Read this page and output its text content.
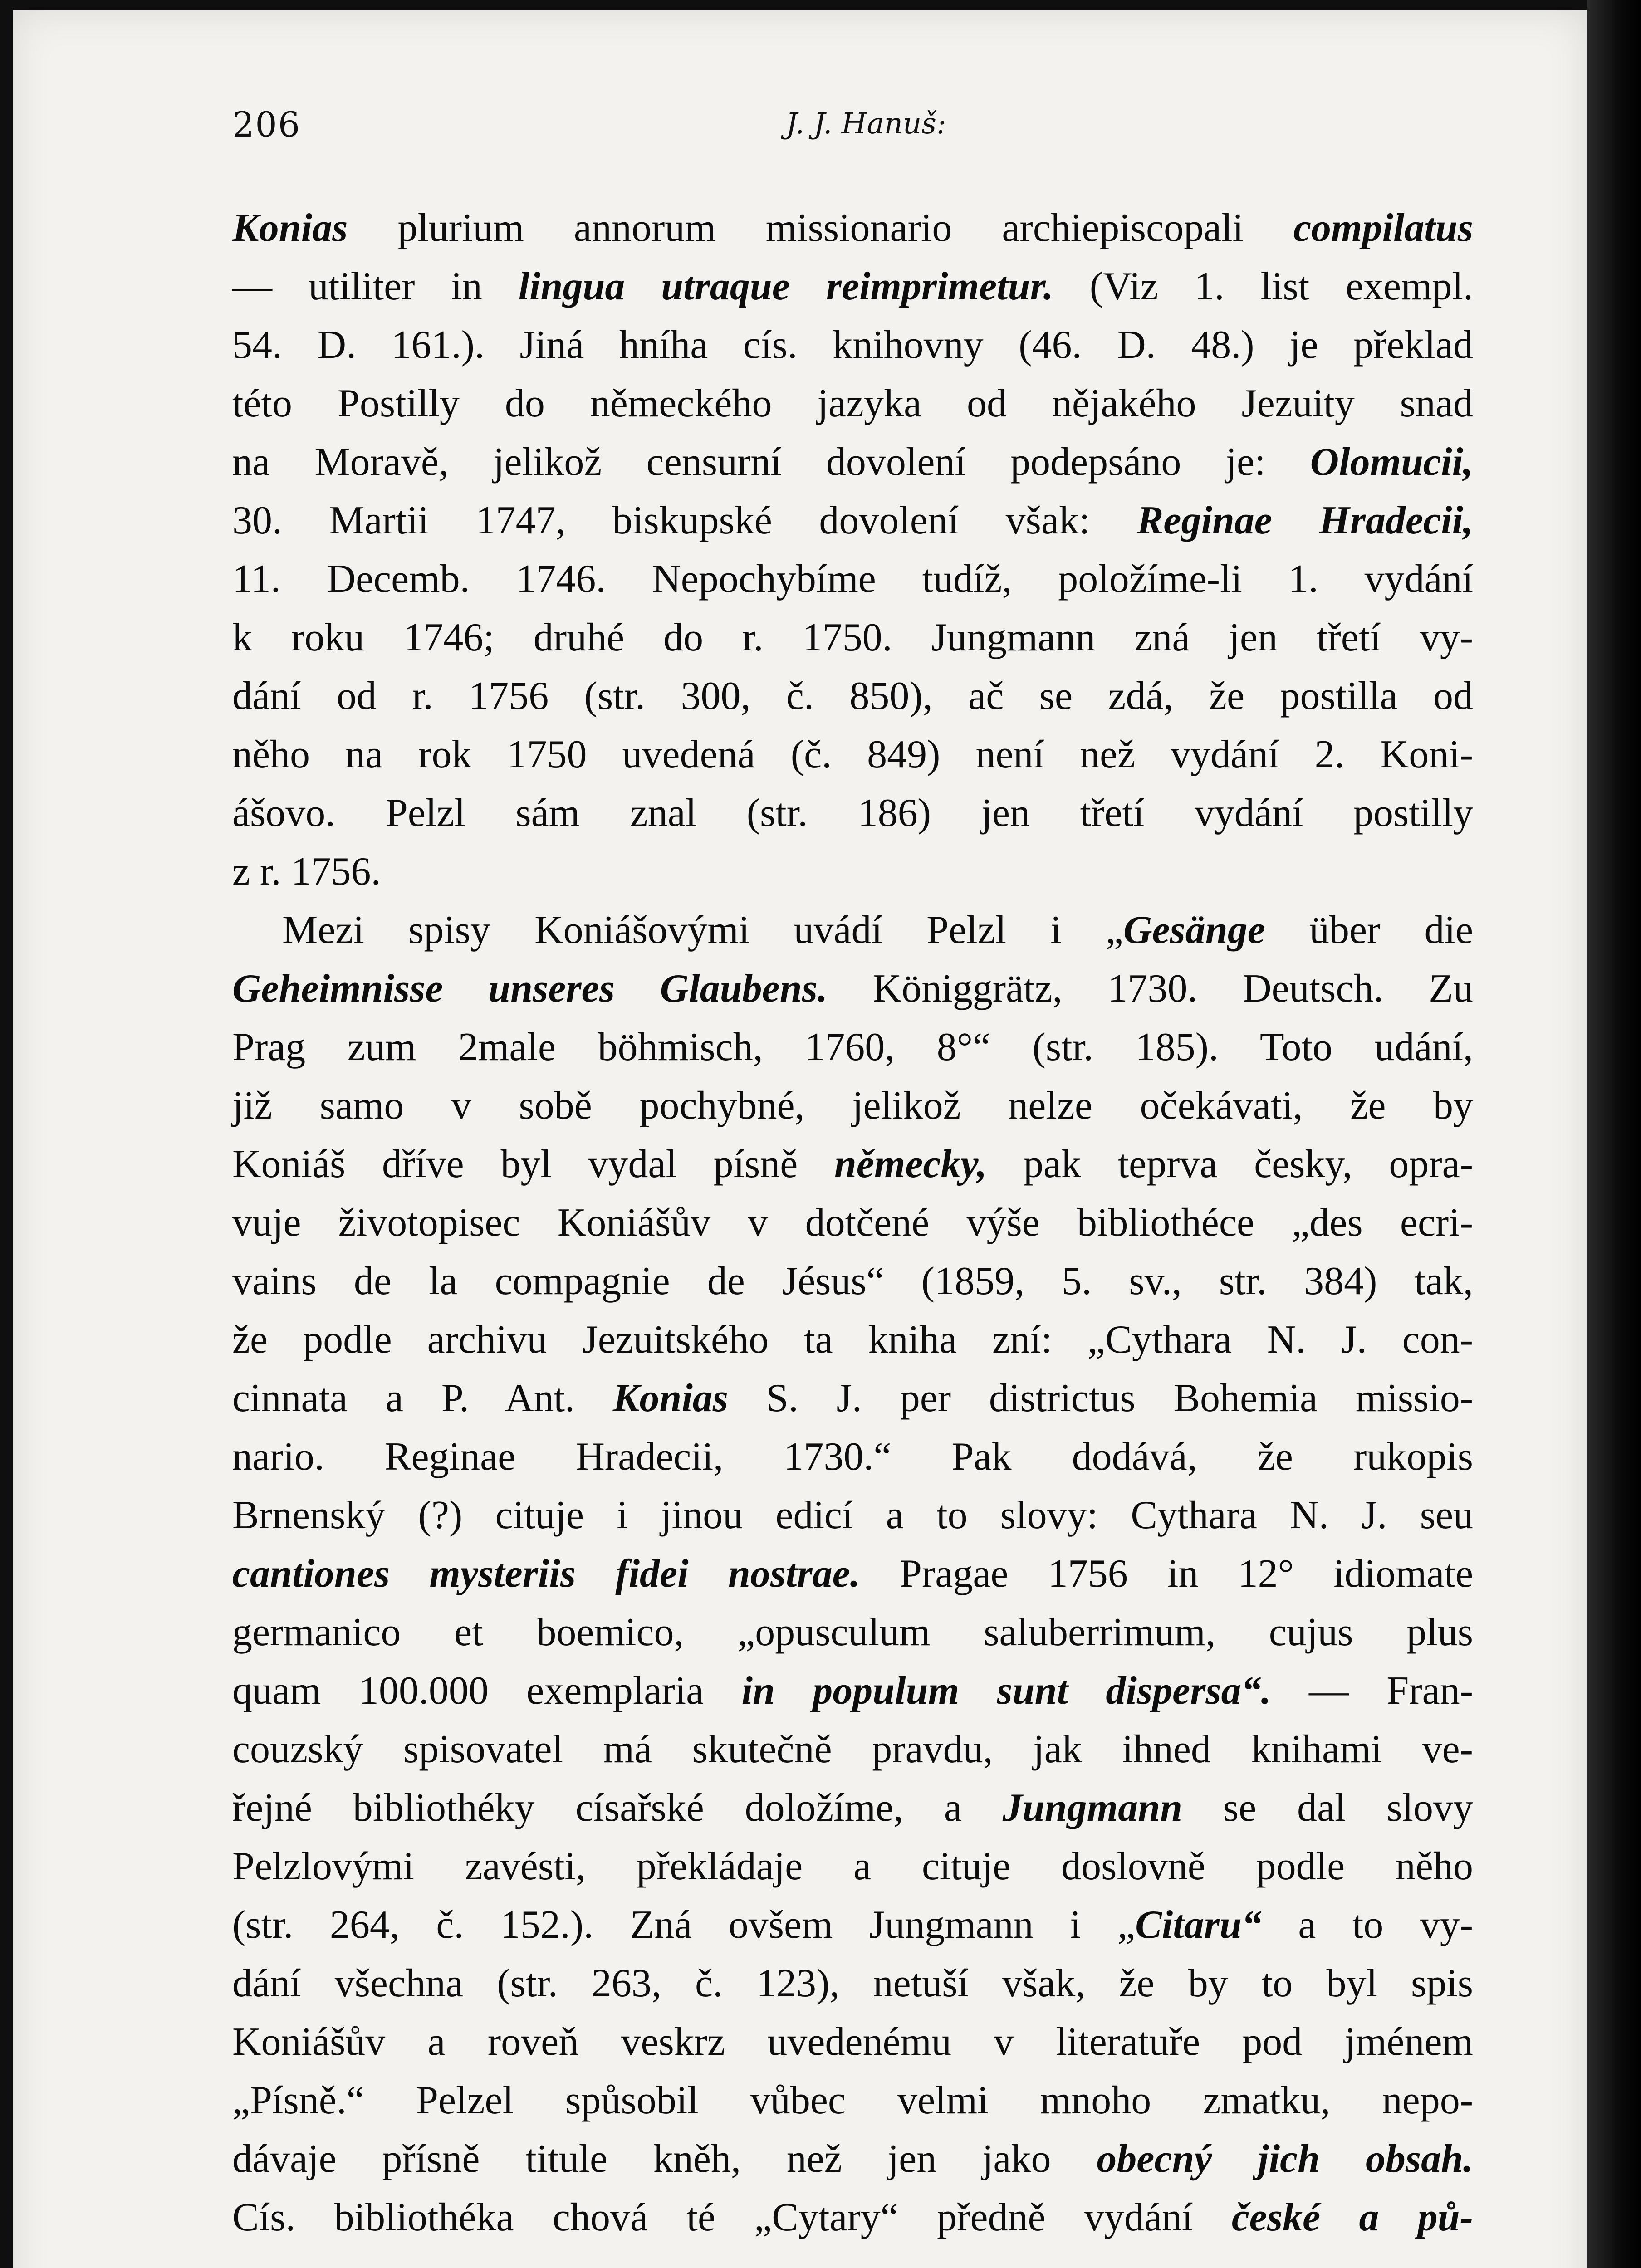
206	J. J. Hanuš:
Konias plurium annorum missionario archiepiscopali compilatus
— utiliter in lingua utraque reimprimetur. (Viz 1. list exempl.
54. D. 161.). Jiná hníha cís. knihovny (46. D. 48.) je překlad
této Postilly do německého jazyka od nějakého Jezuity snad
na Moravě, jelikož censurní dovolení podepsáno je: Olomucii,
30. Martii 1747, biskupské dovolení však: Reginae Hradecii,
11. Decemb. 1746. Nepochybíme tudíž, položíme-li 1. vydání
k roku 1746; druhé do r. 1750. Jungmann zná jen třetí vy-
dání od r. 1756 (str. 300, č. 850), ač se zdá, že postilla od
něho na rok 1750 uvedená (č. 849) není než vydání 2. Koni-
ášovo. Pelzl sám znal (str. 186) jen třetí vydání postilly
z r. 1756.
Mezi spisy Koniášovými uvádí Pelzl i „Gesänge über die
Geheimnisse unseres Glaubens. Königgrätz, 1730. Deutsch. Zu
Prag zum 2male böhmisch, 1760, 8°“ (str. 185). Toto udání,
již samo v sobě pochybné, jelikož nelze očekávati, že by
Koniáš dříve byl vydal písně německy, pak teprva česky, opra-
vuje životopisec Koniášův v dotčené výše bibliothéce „des ecri-
vains de la compagnie de Jésus“ (1859, 5. sv., str. 384) tak,
že podle archivu Jezuitského ta kniha zní: „Cythara N. J. con-
cinnata a P. Ant. Konias S. J. per districtus Bohemia missio-
nario. Reginae Hradecii, 1730.“ Pak dodává, že rukopis
Brnenský (?) cituje i jinou edicí a to slovy: Cythara N. J. seu
cantiones mysteriis fidei nostrae. Pragae 1756 in 12° idiomate
germanico et boemico, „opusculum saluberrimum, cujus plus
quam 100.000 exemplaria in populum sunt dispersa“. — Fran-
couzský spisovatel má skutečně pravdu, jak ihned knihami ve-
řejné bibliothéky císařské doložíme, a Jungmann se dal slovy
Pelzlovými zavésti, překládaje a cituje doslovně podle něho
(str. 264, č. 152.). Zná ovšem Jungmann i „Citaru“ a to vy-
dání všechna (str. 263, č. 123), netuší však, že by to byl spis
Koniášův a roveň veskrz uvedenému v literatuře pod jménem
„Písně.“ Pelzel spůsobil vůbec velmi mnoho zmatku, nepo-
dávaje přísně titule kněh, než jen jako obecný jich obsah.
Cís. bibliothéka chová té „Cytary“ předně vydání české a pů-
